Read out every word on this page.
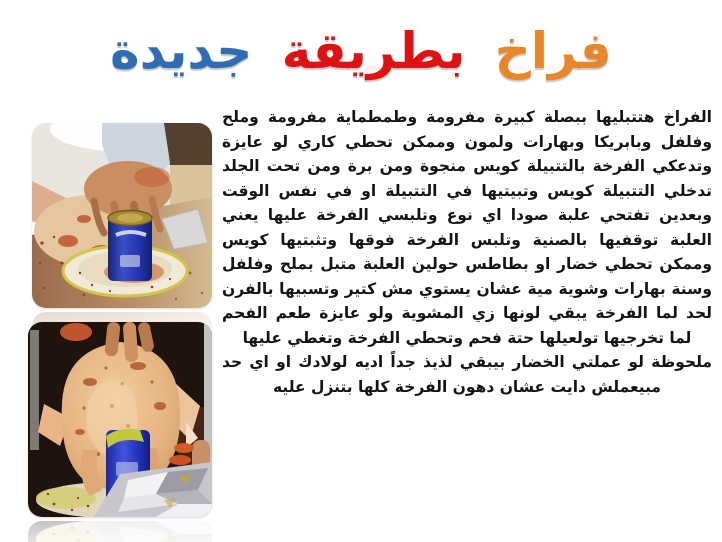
فراخ بطريقة جديدة

الفراخ هتتبليها ببصلة كبيرة مفرومة وطمطماية مفرومة وملح وفلفل وبابريكا وبهارات ولمون وممكن تحطي كاري لو عايزة وتدعكي الفرخة بالتتبيلة كويس منجوة ومن برة ومن تحت الجلد تدخلي التتبيلة كويس وتبيتيها في التتبيلة او في نفس الوقت وبعدين تفتحي علبة صودا اي نوع وتلبسي الفرخة عليها يعني العلبة توقفيها بالصنية وتلبس الفرخة فوقها وتثبتيها كويس وممكن تحطي خضار او بطاطس حولين العلبة متبل بملح وفلفل وسنة بهارات وشوية مية عشان يستوي مش كتير وتسبيها بالفرن لحد لما الفرخة يبقي لونها زي المشوية ولو عايزة طعم الفحم لما تخرجيها تولعيلها حتة فحم وتحطي الفرخة وتغطي عليها

ملحوظة لو عملتي الخضار بيبقي لذيذ جداً اديه لولادك او اي حد مبيعملش دايت عشان دهون الفرخة كلها بتنزل عليه
